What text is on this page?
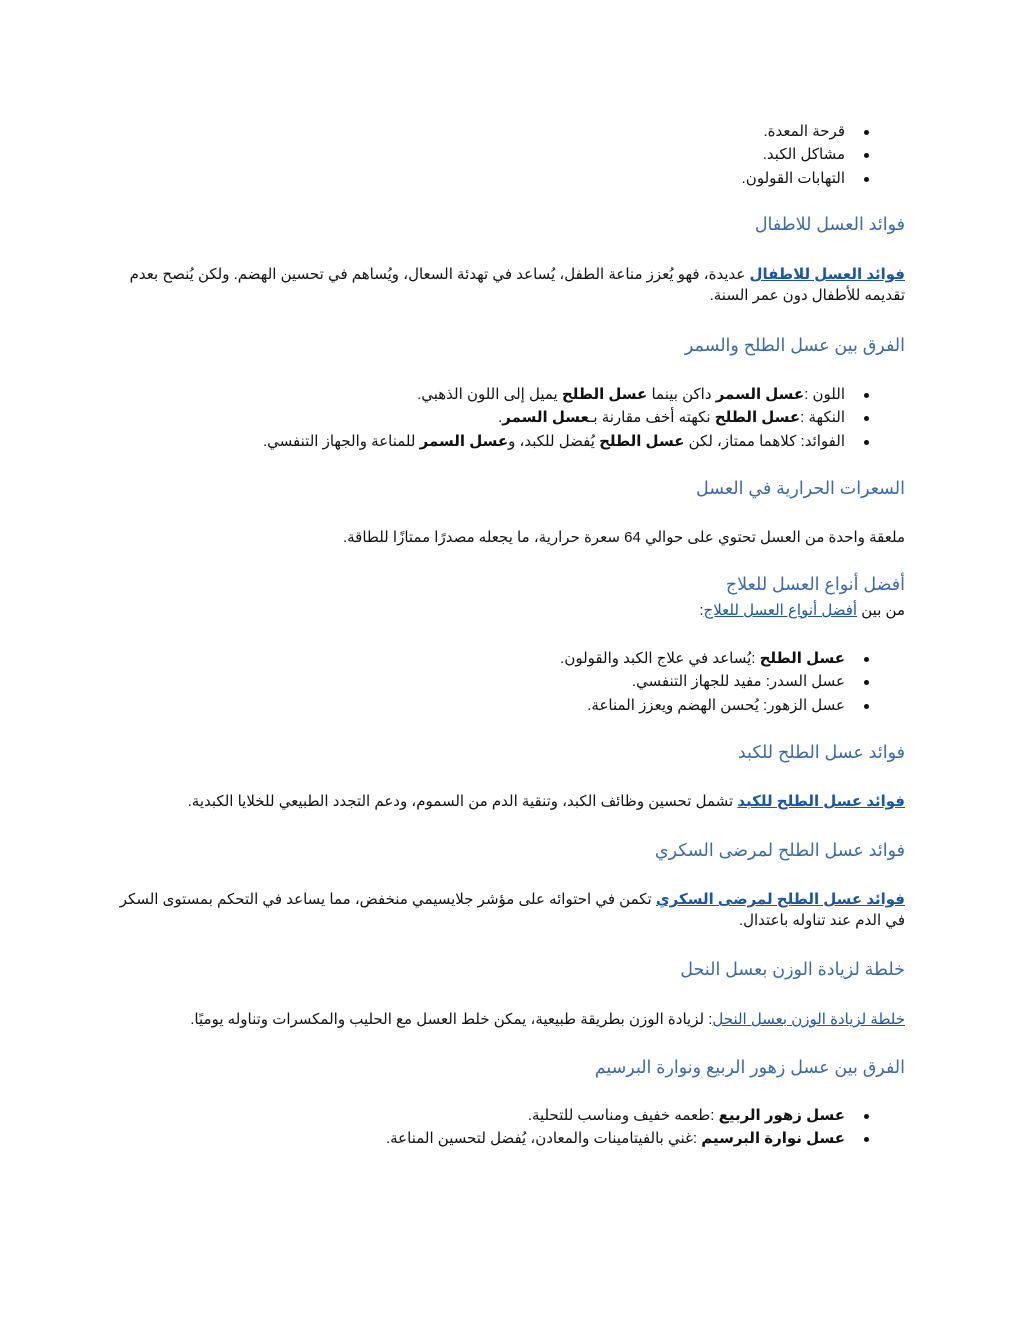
قرحة المعدة.
مشاكل الكبد.
التهابات القولون.
فوائد العسل للاطفال
فوائد العسل للاطفال عديدة، فهو يُعزز مناعة الطفل، يُساعد في تهدئة السعال، ويُساهم في تحسين الهضم. ولكن يُنصح بعدم تقديمه للأطفال دون عمر السنة.
الفرق بين عسل الطلح والسمر
اللون :عسل السمر داكن بينما عسل الطلح يميل إلى اللون الذهبي.
النكهة :عسل الطلح نكهته أخف مقارنة بـعسل السمر.
الفوائد: كلاهما ممتاز، لكن عسل الطلح يُفضل للكبد، وعسل السمر للمناعة والجهاز التنفسي.
السعرات الحرارية في العسل
ملعقة واحدة من العسل تحتوي على حوالي 64 سعرة حرارية، ما يجعله مصدرًا ممتازًا للطاقة.
أفضل أنواع العسل للعلاج
من بين أفضل أنواع العسل للعلاج:
عسل الطلح :يُساعد في علاج الكبد والقولون.
عسل السدر: مفيد للجهاز التنفسي.
عسل الزهور: يُحسن الهضم ويعزز المناعة.
فوائد عسل الطلح للكبد
فوائد عسل الطلح للكبد تشمل تحسين وظائف الكبد، وتنقية الدم من السموم، ودعم التجدد الطبيعي للخلايا الكبدية.
فوائد عسل الطلح لمرضى السكري
فوائد عسل الطلح لمرضى السكري تكمن في احتوائه على مؤشر جلايسيمي منخفض، مما يساعد في التحكم بمستوى السكر في الدم عند تناوله باعتدال.
خلطة لزيادة الوزن بعسل النحل
خلطة لزيادة الوزن بعسل النحل: لزيادة الوزن بطريقة طبيعية، يمكن خلط العسل مع الحليب والمكسرات وتناوله يوميًا.
الفرق بين عسل زهور الربيع ونوارة البرسيم
عسل زهور الربيع :طعمه خفيف ومناسب للتحلية.
عسل نوارة البرسيم :غني بالفيتامينات والمعادن، يُفضل لتحسين المناعة.
